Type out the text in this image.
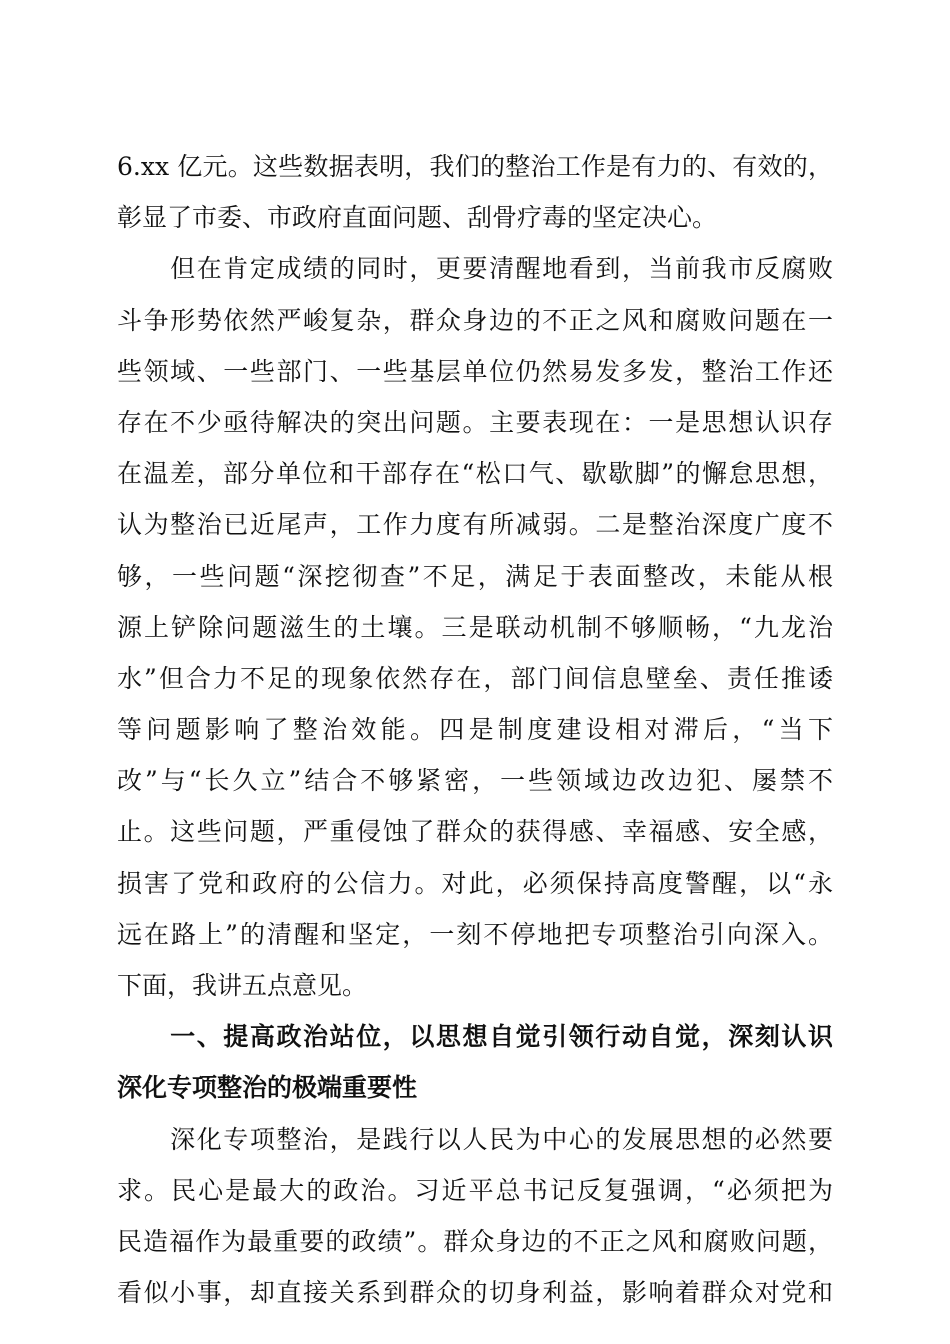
6.xx 亿元。这些数据表明，我们的整治工作是有力的、有效的，
彰显了市委、市政府直面问题、刮骨疗毒的坚定决心。
　　但在肯定成绩的同时，更要清醒地看到，当前我市反腐败
斗争形势依然严峻复杂，群众身边的不正之风和腐败问题在一
些领域、一些部门、一些基层单位仍然易发多发，整治工作还
存在不少亟待解决的突出问题。主要表现在：一是思想认识存
在温差，部分单位和干部存在“松口气、歇歇脚”的懈怠思想，
认为整治已近尾声，工作力度有所减弱。二是整治深度广度不
够，一些问题“深挖彻查”不足，满足于表面整改，未能从根
源上铲除问题滋生的土壤。三是联动机制不够顺畅，“九龙治
水”但合力不足的现象依然存在，部门间信息壁垒、责任推诿
等问题影响了整治效能。四是制度建设相对滞后，“当下
改”与“长久立”结合不够紧密，一些领域边改边犯、屡禁不
止。这些问题，严重侵蚀了群众的获得感、幸福感、安全感，
损害了党和政府的公信力。对此，必须保持高度警醒，以“永
远在路上”的清醒和坚定，一刻不停地把专项整治引向深入。
下面，我讲五点意见。
　　一、提高政治站位，以思想自觉引领行动自觉，深刻认识
深化专项整治的极端重要性
　　深化专项整治，是践行以人民为中心的发展思想的必然要
求。民心是最大的政治。习近平总书记反复强调，“必须把为
民造福作为最重要的政绩”。群众身边的不正之风和腐败问题，
看似小事，却直接关系到群众的切身利益，影响着群众对党和
